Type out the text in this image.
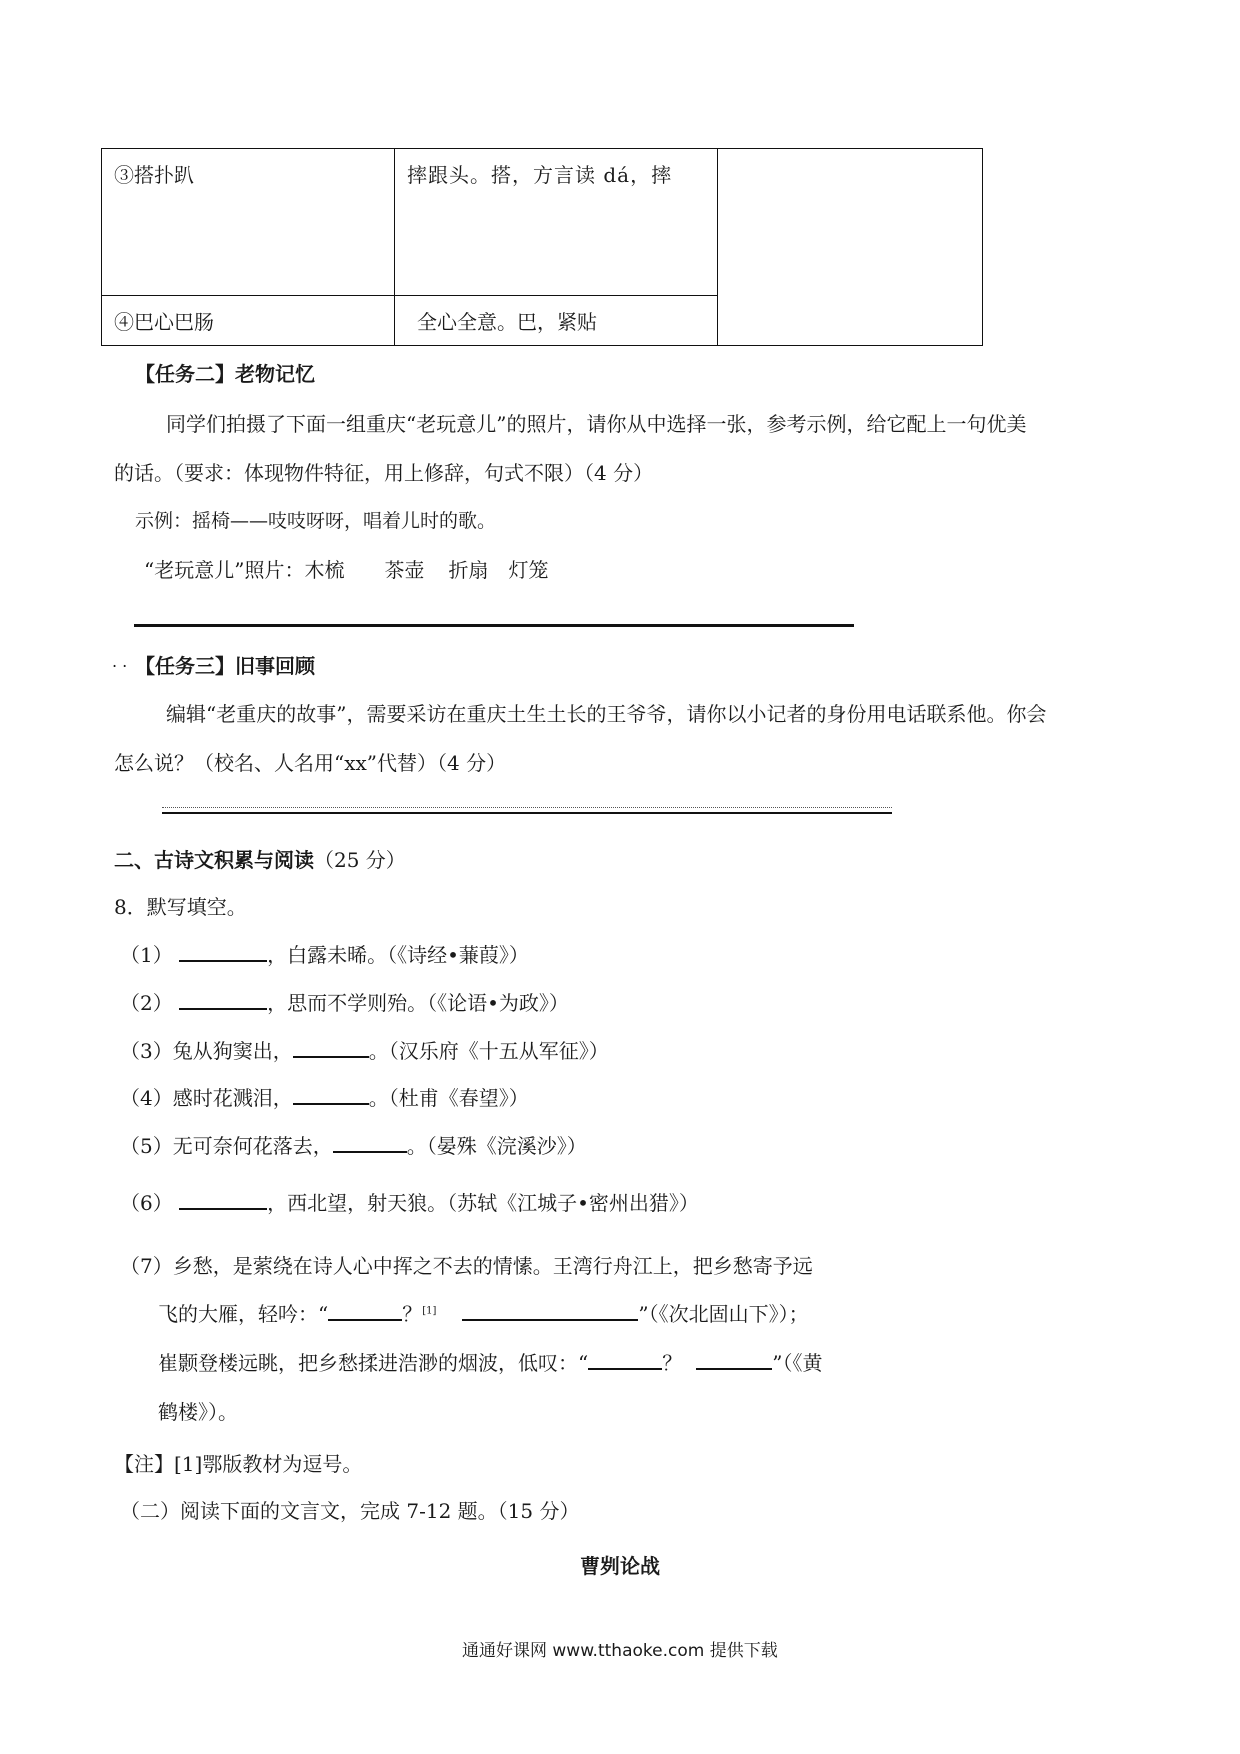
③搭扑趴	摔跟头。搭，方言读 dá，摔	
④巴心巴肠	全心全意。巴，紧贴	
【任务二】老物记忆
同学们拍摄了下面一组重庆“老玩意儿”的照片，请你从中选择一张，参考示例，给它配上一句优美
的话。（要求：体现物件特征，用上修辞，句式不限）（4 分）
示例：摇椅——吱吱呀呀，唱着儿时的歌。
“老玩意儿”照片：木梳 茶壶 折扇 灯笼
. . 【任务三】旧事回顾
编辑“老重庆的故事”，需要采访在重庆土生土长的王爷爷，请你以小记者的身份用电话联系他。你会
怎么说？（校名、人名用“xx”代替）（4 分）
二、古诗文积累与阅读（25 分）
8．默写填空。
（1）	，白露未晞。（《诗经•蒹葭》）
（2）	，思而不学则殆。（《论语•为政》）
（3）兔从狗窦出，	。（汉乐府《十五从军征》）
（4）感时花溅泪，	。（杜甫《春望》）
（5）无可奈何花落去，	。（晏殊《浣溪沙》）
（6）	，西北望，射天狼。（苏轼《江城子•密州出猎》）
（7）乡愁，是萦绕在诗人心中挥之不去的情愫。王湾行舟江上，把乡愁寄予远
飞的大雁，轻吟：“	？[1]	”（《次北固山下》）；
崔颢登楼远眺，把乡愁揉进浩渺的烟波，低叹：“	？	”（《黄
鹤楼》）。
【注】[1]鄂版教材为逗号。
（二）阅读下面的文言文，完成 7-12 题。（15 分）
曹刿论战
通通好课网 www.tthaoke.com 提供下载
